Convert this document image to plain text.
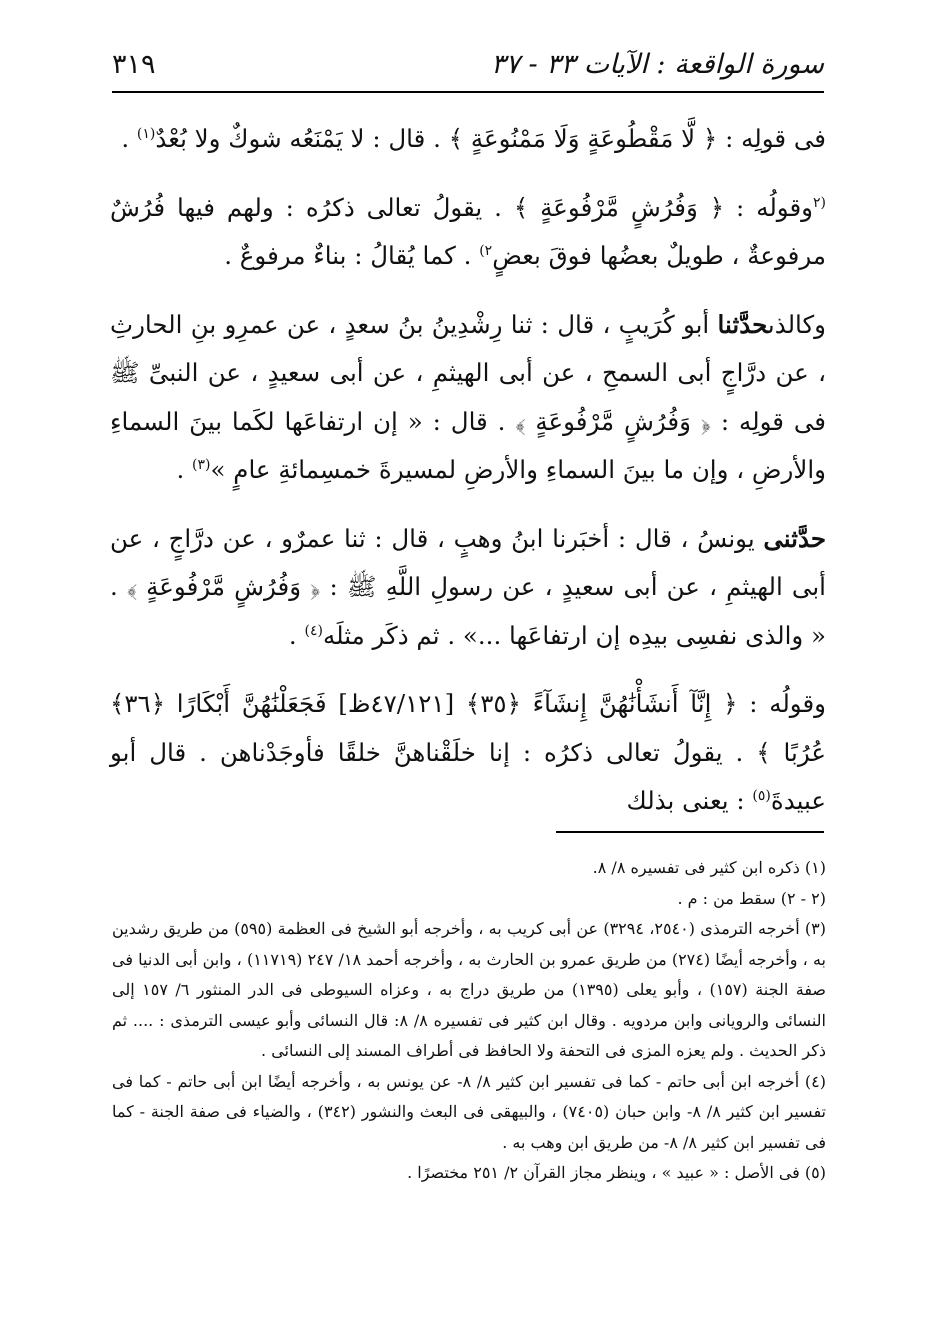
سورة الواقعة : الآيات ٣٣ - ٣٧
٣١٩

فى قولِه : ﴿ لَّا مَقْطُوعَةٍ وَلَا مَمْنُوعَةٍ ﴾ . قال : لا يَمْنَعُه شوكٌ ولا بُعْدٌ$^{(١)}$ .

$^{(٢}$وقولُه : ﴿ وَفُرُشٍ مَّرْفُوعَةٍ ﴾ . يقولُ تعالى ذكرُه : ولهم فيها فُرُشٌ مرفوعةٌ ، طويلٌ بعضُها فوقَ بعضٍ$^{٢)}$ . كما يُقالُ : بناءٌ مرفوعٌ .

وكالذىحدَّثنا أبو كُرَيبٍ ، قال : ثنا رِشْدِينُ بنُ سعدٍ ، عن عمرِو بنِ الحارثِ ، عن درَّاجٍ أبى السمحِ ، عن أبى الهيثمِ ، عن أبى سعيدٍ ، عن النبىِّ ﷺ فى قولِه : ﴿ وَفُرُشٍ مَّرْفُوعَةٍ ﴾ . قال : « إن ارتفاعَها لكَما بينَ السماءِ والأرضِ ، وإن ما بينَ السماءِ والأرضِ لمسيرةَ خمسِمائةِ عامٍ »$^{(٣)}$ .

حدَّثنى يونسُ ، قال : أخبَرنا ابنُ وهبٍ ، قال : ثنا عمرٌو ، عن درَّاجٍ ، عن أبى الهيثمِ ، عن أبى سعيدٍ ، عن رسولِ اللَّهِ ﷺ : ﴿ وَفُرُشٍ مَّرْفُوعَةٍ ﴾ . « والذى نفسِى بيدِه إن ارتفاعَها ...» . ثم ذكَر مثلَه$^{(٤)}$ .

وقولُه : ﴿ إِنَّآ أَنشَأْنَٰهُنَّ إِنشَآءً ﴿٣٥﴾ [٤٧/١٢١ظ] فَجَعَلْنَٰهُنَّ أَبْكَارًا ﴿٣٦﴾ عُرُبًا ﴾ . يقولُ تعالى ذكرُه : إنا خلَقْناهنَّ خلقًا فأوجَدْناهن . قال أبو عبيدةَ$^{(٥)}$ : يعنى بذلك

(١) ذكره ابن كثير فى تفسيره ٨/ ٨.

(٢ - ٢) سقط من : م .

(٣) أخرجه الترمذى (٢٥٤٠، ٣٢٩٤) عن أبى كريب به ، وأخرجه أبو الشيخ فى العظمة (٥٩٥) من طريق رشدين به ، وأخرجه أيضًا (٢٧٤) من طريق عمرو بن الحارث به ، وأخرجه أحمد ١٨/ ٢٤٧ (١١٧١٩) ، وابن أبى الدنيا فى صفة الجنة (١٥٧) ، وأبو يعلى (١٣٩٥) من طريق دراج به ، وعزاه السيوطى فى الدر المنثور ٦/ ١٥٧ إلى النسائى والرويانى وابن مردويه . وقال ابن كثير فى تفسيره ٨/ ٨: قال النسائى وأبو عيسى الترمذى : .... ثم ذكر الحديث . ولم يعزه المزى فى التحفة ولا الحافظ فى أطراف المسند إلى النسائى .

(٤) أخرجه ابن أبى حاتم - كما فى تفسير ابن كثير ٨/ ٨- عن يونس به ، وأخرجه أيضًا ابن أبى حاتم - كما فى تفسير ابن كثير ٨/ ٨- وابن حبان (٧٤٠٥) ، والبيهقى فى البعث والنشور (٣٤٢) ، والضياء فى صفة الجنة - كما فى تفسير ابن كثير ٨/ ٨- من طريق ابن وهب به .

(٥) فى الأصل : « عبيد » ، وينظر مجاز القرآن ٢/ ٢٥١ مختصرًا .
